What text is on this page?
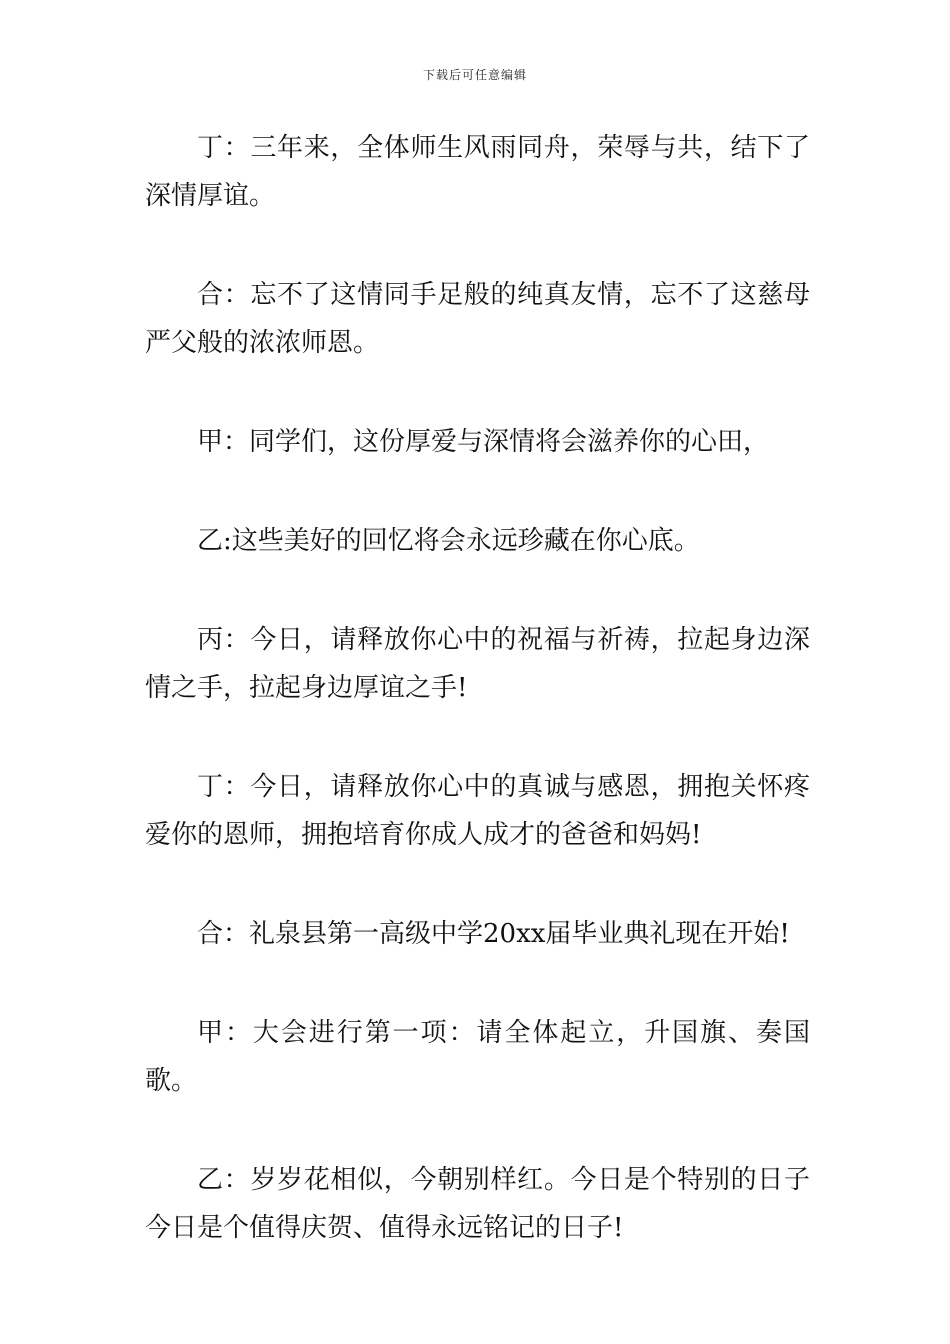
下载后可任意编辑

丁：三年来，全体师生风雨同舟，荣辱与共，结下了深情厚谊。

合：忘不了这情同手足般的纯真友情，忘不了这慈母严父般的浓浓师恩。

甲：同学们，这份厚爱与深情将会滋养你的心田，

乙:这些美好的回忆将会永远珍藏在你心底。

丙：今日，请释放你心中的祝福与祈祷，拉起身边深情之手，拉起身边厚谊之手!

丁：今日，请释放你心中的真诚与感恩，拥抱关怀疼爱你的恩师，拥抱培育你成人成才的爸爸和妈妈!

合：礼泉县第一高级中学20xx届毕业典礼现在开始!

甲：大会进行第一项：请全体起立，升国旗、奏国歌。

乙：岁岁花相似，今朝别样红。今日是个特别的日子今日是个值得庆贺、值得永远铭记的日子!
